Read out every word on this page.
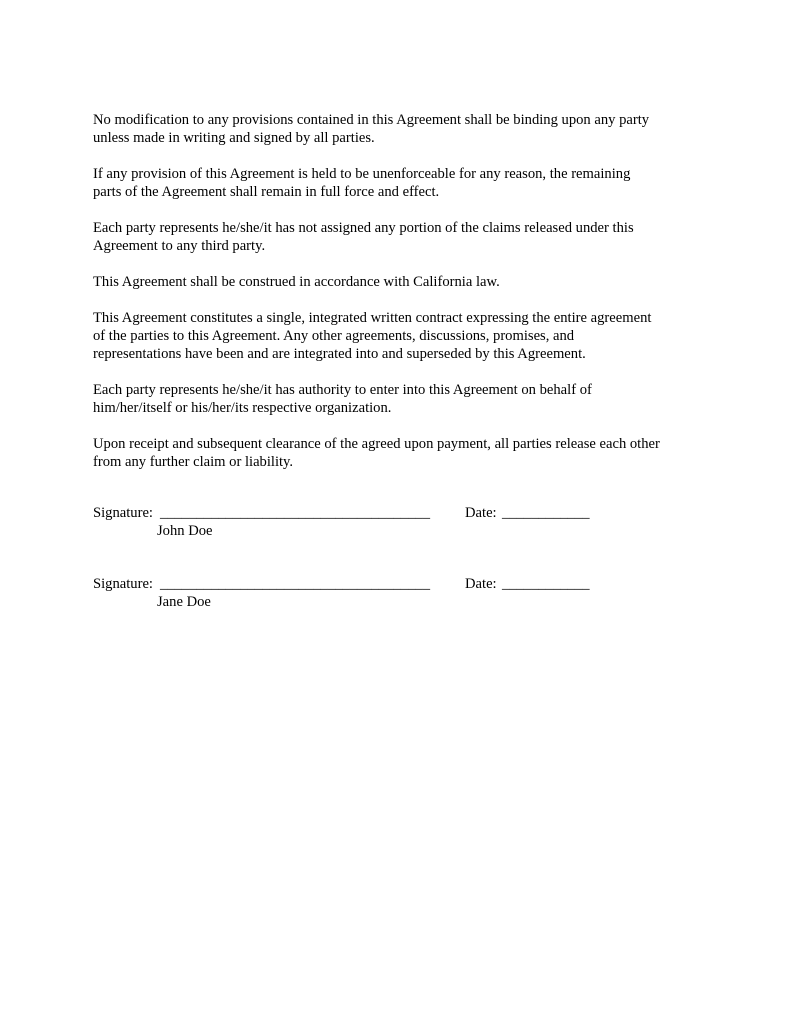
No modification to any provisions contained in this Agreement shall be binding upon any party
unless made in writing and signed by all parties.

If any provision of this Agreement is held to be unenforceable for any reason, the remaining
parts of the Agreement shall remain in full force and effect.

Each party represents he/she/it has not assigned any portion of the claims released under this
Agreement to any third party.

This Agreement shall be construed in accordance with California law.

This Agreement constitutes a single, integrated written contract expressing the entire agreement
of the parties to this Agreement. Any other agreements, discussions, promises, and
representations have been and are integrated into and superseded by this Agreement.

Each party represents he/she/it has authority to enter into this Agreement on behalf of
him/her/itself or his/her/its respective organization.

Upon receipt and subsequent clearance of the agreed upon payment, all parties release each other
from any further claim or liability.

Signature: _____________________________________ Date: ____________
John Doe
Signature: _____________________________________ Date: ____________
Jane Doe
